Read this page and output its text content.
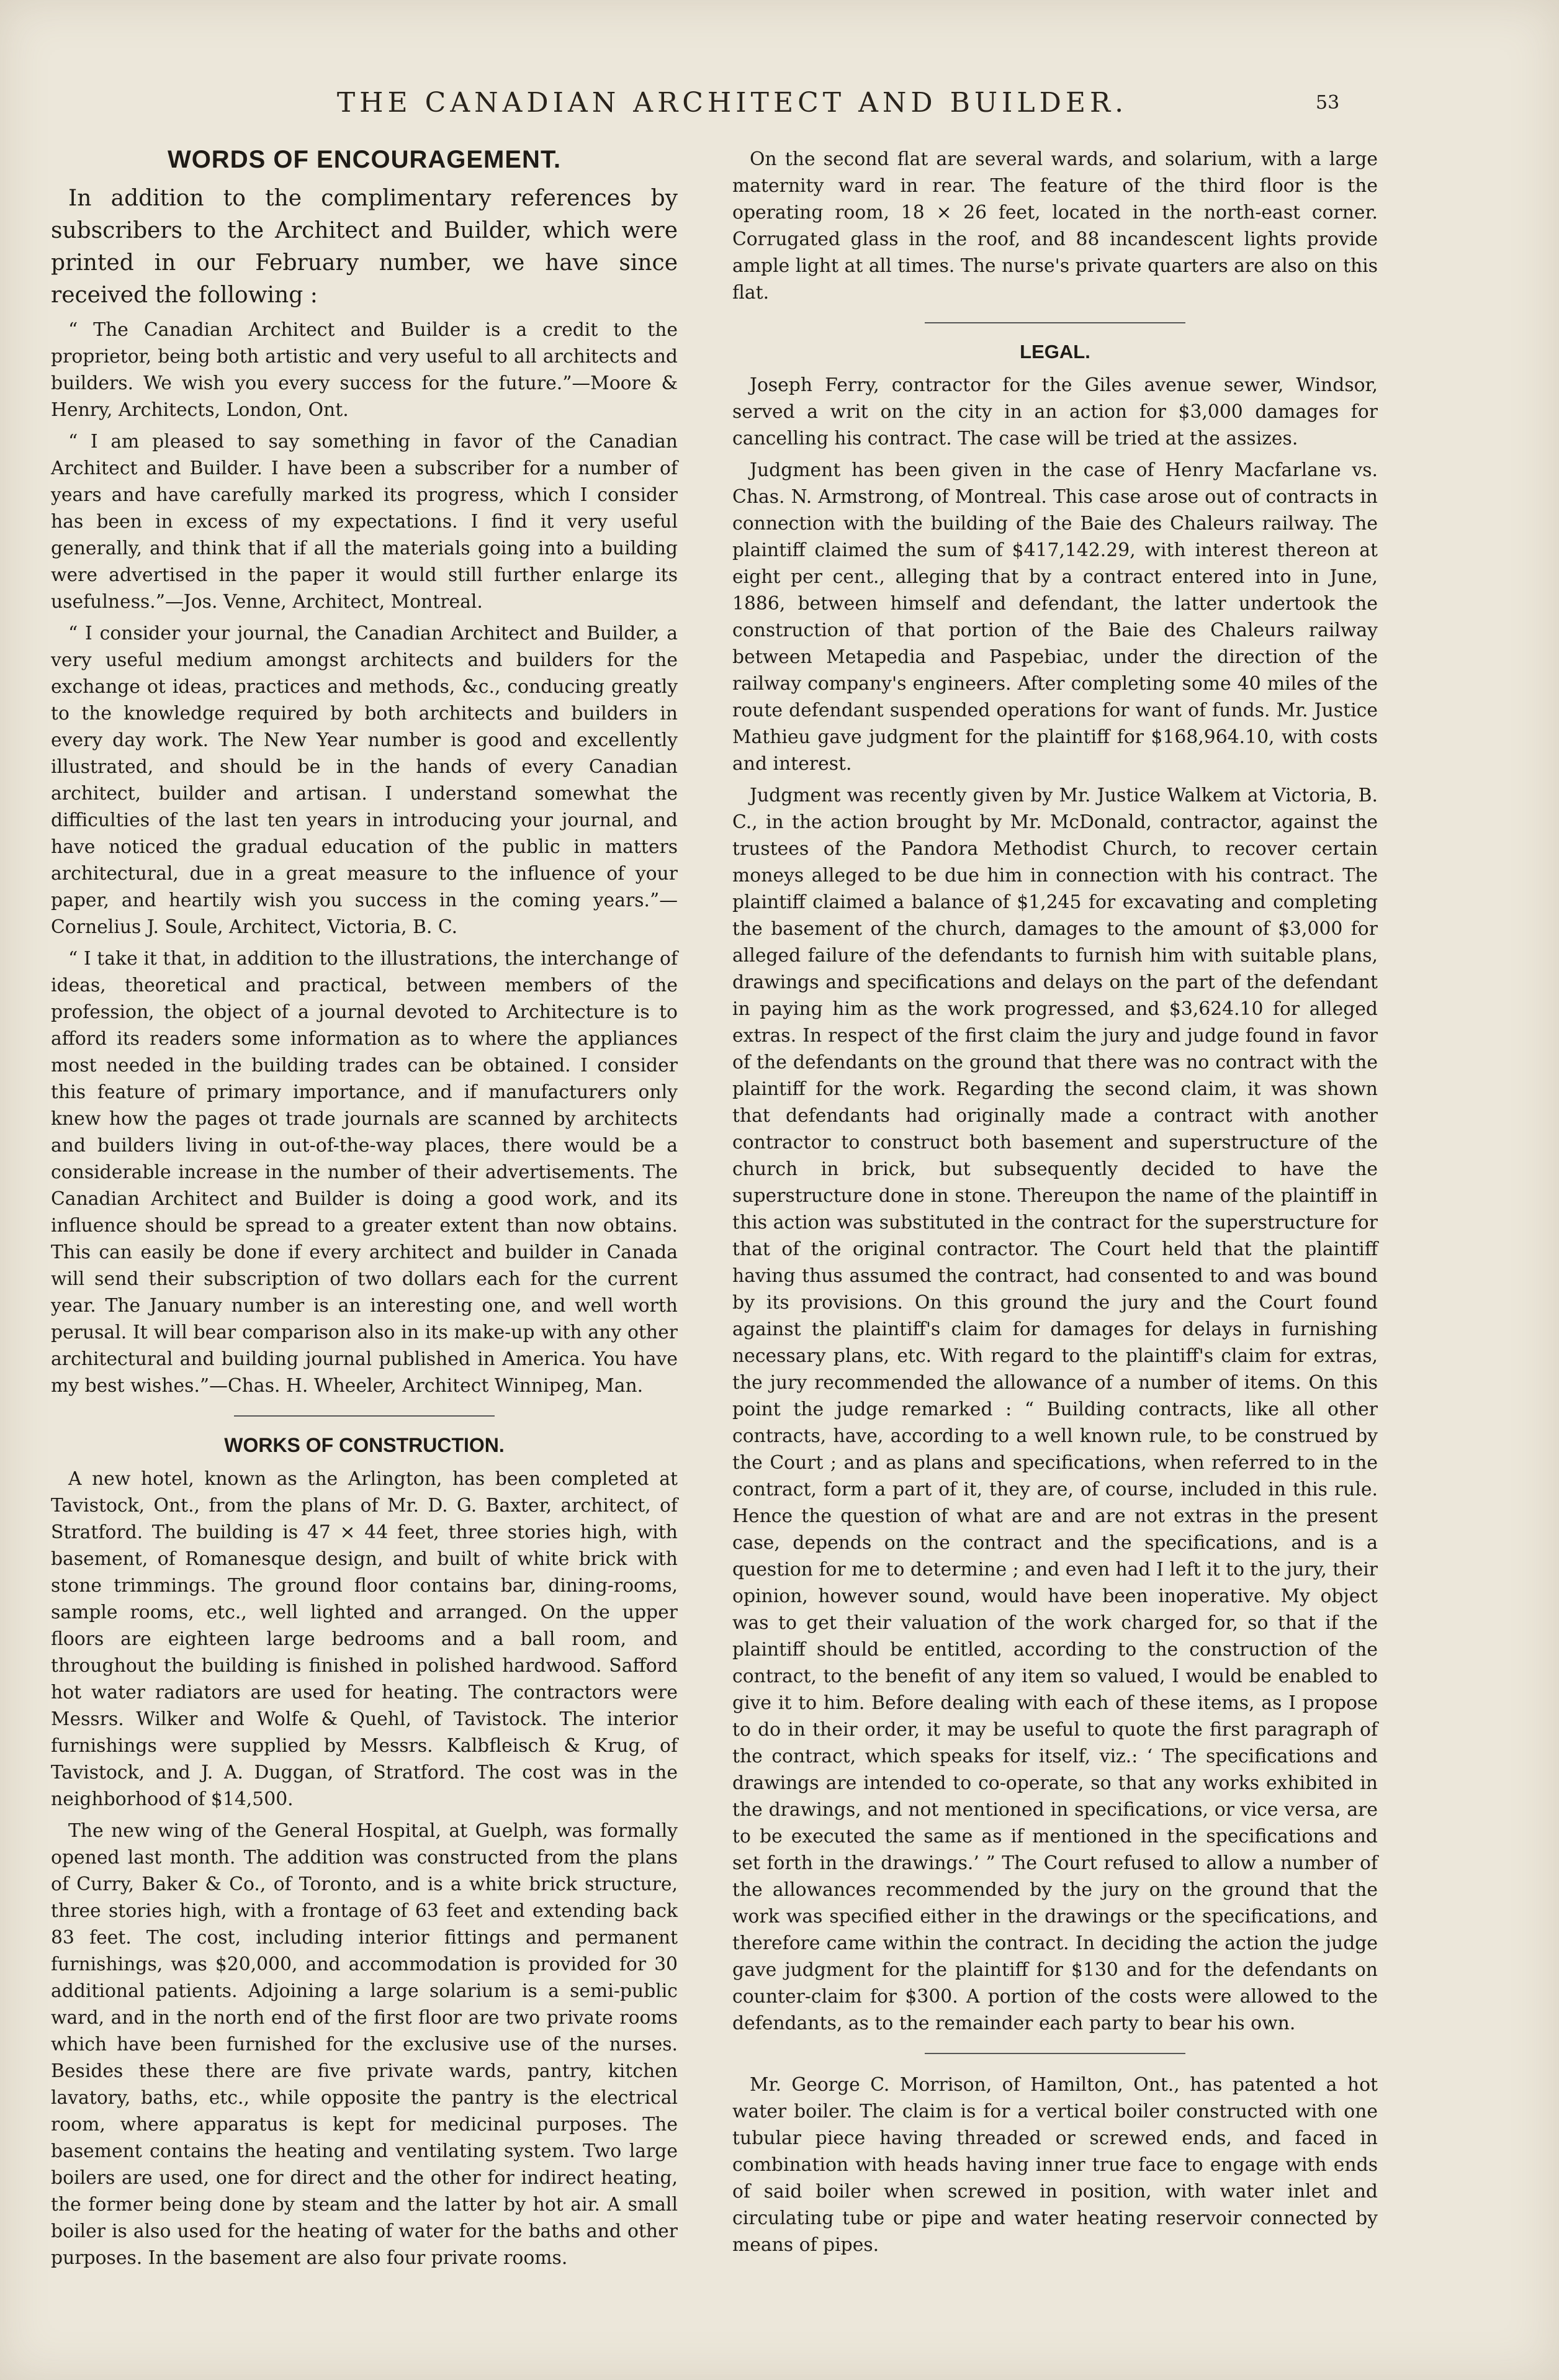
THE CANADIAN ARCHITECT AND BUILDER.	53
WORDS OF ENCOURAGEMENT.

In addition to the complimentary references by subscribers to the Architect and Builder, which were printed in our February number, we have since received the following :

“ The Canadian Architect and Builder is a credit to the proprietor, being both artistic and very useful to all architects and builders. We wish you every success for the future.”—Moore & Henry, Architects, London, Ont.

“ I am pleased to say something in favor of the Canadian Architect and Builder. I have been a subscriber for a number of years and have carefully marked its progress, which I consider has been in excess of my expectations. I find it very useful generally, and think that if all the materials going into a building were advertised in the paper it would still further enlarge its usefulness.”—Jos. Venne, Architect, Montreal.

“ I consider your journal, the Canadian Architect and Builder, a very useful medium amongst architects and builders for the exchange ot ideas, practices and methods, &c., conducing greatly to the knowledge required by both architects and builders in every day work. The New Year number is good and excellently illustrated, and should be in the hands of every Canadian architect, builder and artisan. I understand somewhat the difficulties of the last ten years in introducing your journal, and have noticed the gradual education of the public in matters architectural, due in a great measure to the influence of your paper, and heartily wish you success in the coming years.”—Cornelius J. Soule, Architect, Victoria, B. C.

“ I take it that, in addition to the illustrations, the interchange of ideas, theoretical and practical, between members of the profession, the object of a journal devoted to Architecture is to afford its readers some information as to where the appliances most needed in the building trades can be obtained. I consider this feature of primary importance, and if manufacturers only knew how the pages ot trade journals are scanned by architects and builders living in out-of-the-way places, there would be a considerable increase in the number of their advertisements. The Canadian Architect and Builder is doing a good work, and its influence should be spread to a greater extent than now obtains. This can easily be done if every architect and builder in Canada will send their subscription of two dollars each for the current year. The January number is an interesting one, and well worth perusal. It will bear comparison also in its make-up with any other architectural and building journal published in America. You have my best wishes.”—Chas. H. Wheeler, Architect Winnipeg, Man.

WORKS OF CONSTRUCTION.

A new hotel, known as the Arlington, has been completed at Tavistock, Ont., from the plans of Mr. D. G. Baxter, architect, of Stratford. The building is 47 × 44 feet, three stories high, with basement, of Romanesque design, and built of white brick with stone trimmings. The ground floor contains bar, dining-rooms, sample rooms, etc., well lighted and arranged. On the upper floors are eighteen large bedrooms and a ball room, and throughout the building is finished in polished hardwood. Safford hot water radiators are used for heating. The contractors were Messrs. Wilker and Wolfe & Quehl, of Tavistock. The interior furnishings were supplied by Messrs. Kalbfleisch & Krug, of Tavistock, and J. A. Duggan, of Stratford. The cost was in the neighborhood of $14,500.

The new wing of the General Hospital, at Guelph, was formally opened last month. The addition was constructed from the plans of Curry, Baker & Co., of Toronto, and is a white brick structure, three stories high, with a frontage of 63 feet and extending back 83 feet. The cost, including interior fittings and permanent furnishings, was $20,000, and accommodation is provided for 30 additional patients. Adjoining a large solarium is a semi-public ward, and in the north end of the first floor are two private rooms which have been furnished for the exclusive use of the nurses. Besides these there are five private wards, pantry, kitchen lavatory, baths, etc., while opposite the pantry is the electrical room, where apparatus is kept for medicinal purposes. The basement contains the heating and ventilating system. Two large boilers are used, one for direct and the other for indirect heating, the former being done by steam and the latter by hot air. A small boiler is also used for the heating of water for the baths and other purposes. In the basement are also four private rooms.

On the second flat are several wards, and solarium, with a large maternity ward in rear. The feature of the third floor is the operating room, 18 × 26 feet, located in the north-east corner. Corrugated glass in the roof, and 88 incandescent lights provide ample light at all times. The nurse's private quarters are also on this flat.

LEGAL.

Joseph Ferry, contractor for the Giles avenue sewer, Windsor, served a writ on the city in an action for $3,000 damages for cancelling his contract. The case will be tried at the assizes.

Judgment has been given in the case of Henry Macfarlane vs. Chas. N. Armstrong, of Montreal. This case arose out of contracts in connection with the building of the Baie des Chaleurs railway. The plaintiff claimed the sum of $417,142.29, with interest thereon at eight per cent., alleging that by a contract entered into in June, 1886, between himself and defendant, the latter undertook the construction of that portion of the Baie des Chaleurs railway between Metapedia and Paspebiac, under the direction of the railway company's engineers. After completing some 40 miles of the route defendant suspended operations for want of funds. Mr. Justice Mathieu gave judgment for the plaintiff for $168,964.10, with costs and interest.

Judgment was recently given by Mr. Justice Walkem at Victoria, B. C., in the action brought by Mr. McDonald, contractor, against the trustees of the Pandora Methodist Church, to recover certain moneys alleged to be due him in connection with his contract. The plaintiff claimed a balance of $1,245 for excavating and completing the basement of the church, damages to the amount of $3,000 for alleged failure of the defendants to furnish him with suitable plans, drawings and specifications and delays on the part of the defendant in paying him as the work progressed, and $3,624.10 for alleged extras. In respect of the first claim the jury and judge found in favor of the defendants on the ground that there was no contract with the plaintiff for the work. Regarding the second claim, it was shown that defendants had originally made a contract with another contractor to construct both basement and superstructure of the church in brick, but subsequently decided to have the superstructure done in stone. Thereupon the name of the plaintiff in this action was substituted in the contract for the superstructure for that of the original contractor. The Court held that the plaintiff having thus assumed the contract, had consented to and was bound by its provisions. On this ground the jury and the Court found against the plaintiff's claim for damages for delays in furnishing necessary plans, etc. With regard to the plaintiff's claim for extras, the jury recommended the allowance of a number of items. On this point the judge remarked : “ Building contracts, like all other contracts, have, according to a well known rule, to be construed by the Court ; and as plans and specifications, when referred to in the contract, form a part of it, they are, of course, included in this rule. Hence the question of what are and are not extras in the present case, depends on the contract and the specifications, and is a question for me to determine ; and even had I left it to the jury, their opinion, however sound, would have been inoperative. My object was to get their valuation of the work charged for, so that if the plaintiff should be entitled, according to the construction of the contract, to the benefit of any item so valued, I would be enabled to give it to him. Before dealing with each of these items, as I propose to do in their order, it may be useful to quote the first paragraph of the contract, which speaks for itself, viz.: ‘ The specifications and drawings are intended to co-operate, so that any works exhibited in the drawings, and not mentioned in specifications, or vice versa, are to be executed the same as if mentioned in the specifications and set forth in the drawings.’ ” The Court refused to allow a number of the allowances recommended by the jury on the ground that the work was specified either in the drawings or the specifications, and therefore came within the contract. In deciding the action the judge gave judgment for the plaintiff for $130 and for the defendants on counter-claim for $300. A portion of the costs were allowed to the defendants, as to the remainder each party to bear his own.

Mr. George C. Morrison, of Hamilton, Ont., has patented a hot water boiler. The claim is for a vertical boiler constructed with one tubular piece having threaded or screwed ends, and faced in combination with heads having inner true face to engage with ends of said boiler when screwed in position, with water inlet and circulating tube or pipe and water heating reservoir connected by means of pipes.
